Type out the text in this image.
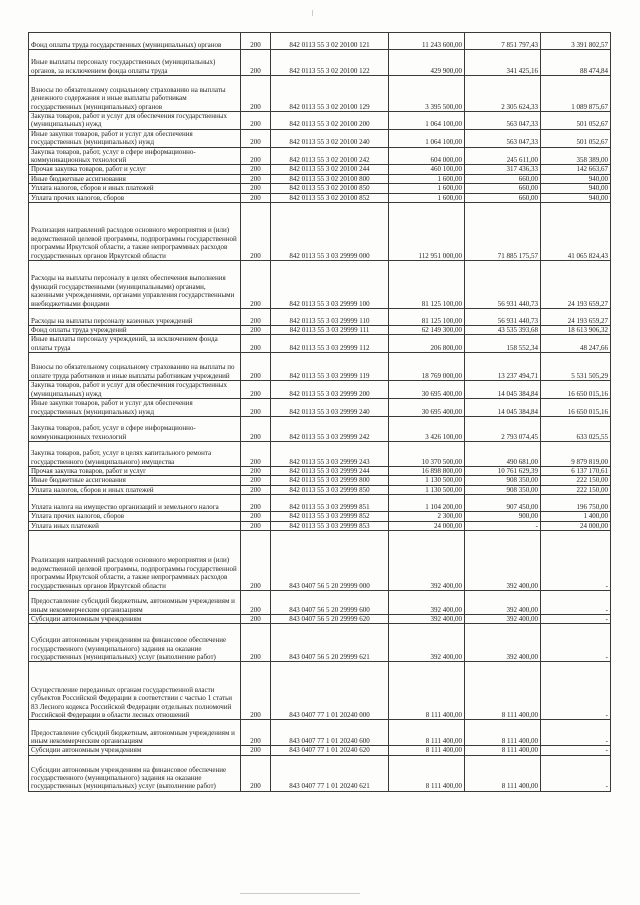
Фонд оплаты труда государственных (муниципальных) органов	200	842 0113 55 3 02 20100 121	11 243 600,00	7 851 797,43	3 391 802,57
Иные выплаты персоналу государственных (муниципальных) органов, за исключением фонда оплаты труда	200	842 0113 55 3 02 20100 122	429 900,00	341 425,16	88 474,84
Взносы по обязательному социальному страхованию на выплаты денежного содержания и иные выплаты работникам государственных (муниципальных) органов	200	842 0113 55 3 02 20100 129	3 395 500,00	2 305 624,33	1 089 875,67
Закупка товаров, работ и услуг для обеспечения государственных (муниципальных) нужд	200	842 0113 55 3 02 20100 200	1 064 100,00	563 047,33	501 052,67
Иные закупки товаров, работ и услуг для обеспечения государственных (муниципальных) нужд	200	842 0113 55 3 02 20100 240	1 064 100,00	563 047,33	501 052,67
Закупка товаров, работ, услуг в сфере информационно-коммуникационных технологий	200	842 0113 55 3 02 20100 242	604 000,00	245 611,00	358 389,00
Прочая закупка товаров, работ и услуг	200	842 0113 55 3 02 20100 244	460 100,00	317 436,33	142 663,67
Иные бюджетные ассигнования	200	842 0113 55 3 02 20100 800	1 600,00	660,00	940,00
Уплата налогов, сборов и иных платежей	200	842 0113 55 3 02 20100 850	1 600,00	660,00	940,00
Уплата прочих налогов, сборов	200	842 0113 55 3 02 20100 852	1 600,00	660,00	940,00
Реализация направлений расходов основного мероприятия и (или) ведомственной целевой программы, подпрограммы государственной программы Иркутской области, а также непрограммных расходов государственных органов Иркутской области	200	842 0113 55 3 03 29999 000	112 951 000,00	71 885 175,57	41 065 824,43
Расходы на выплаты персоналу в целях обеспечения выполнения функций государственными (муниципальными) органами, казенными учреждениями, органами управления государственными внебюджетными фондами	200	842 0113 55 3 03 29999 100	81 125 100,00	56 931 440,73	24 193 659,27
Расходы на выплаты персоналу казенных учреждений	200	842 0113 55 3 03 29999 110	81 125 100,00	56 931 440,73	24 193 659,27
Фонд оплаты труда учреждений	200	842 0113 55 3 03 29999 111	62 149 300,00	43 535 393,68	18 613 906,32
Иные выплаты персоналу учреждений, за исключением фонда оплаты труда	200	842 0113 55 3 03 29999 112	206 800,00	158 552,34	48 247,66
Взносы по обязательному социальному страхованию на выплаты по оплате труда работников и иные выплаты работникам учреждений	200	842 0113 55 3 03 29999 119	18 769 000,00	13 237 494,71	5 531 505,29
Закупка товаров, работ и услуг для обеспечения государственных (муниципальных) нужд	200	842 0113 55 3 03 29999 200	30 695 400,00	14 045 384,84	16 650 015,16
Иные закупки товаров, работ и услуг для обеспечения государственных (муниципальных) нужд	200	842 0113 55 3 03 29999 240	30 695 400,00	14 045 384,84	16 650 015,16
Закупка товаров, работ, услуг в сфере информационно-коммуникационных технологий	200	842 0113 55 3 03 29999 242	3 426 100,00	2 793 074,45	633 025,55
Закупка товаров, работ, услуг в целях капитального ремонта государственного (муниципального) имущества	200	842 0113 55 3 03 29999 243	10 370 500,00	490 681,00	9 879 819,00
Прочая закупка товаров, работ и услуг	200	842 0113 55 3 03 29999 244	16 898 800,00	10 761 629,39	6 137 170,61
Иные бюджетные ассигнования	200	842 0113 55 3 03 29999 800	1 130 500,00	908 350,00	222 150,00
Уплата налогов, сборов и иных платежей	200	842 0113 55 3 03 29999 850	1 130 500,00	908 350,00	222 150,00
Уплата налога на имущество организаций и земельного налога	200	842 0113 55 3 03 29999 851	1 104 200,00	907 450,00	196 750,00
Уплата прочих налогов, сборов	200	842 0113 55 3 03 29999 852	2 300,00	900,00	1 400,00
Уплата иных платежей	200	842 0113 55 3 03 29999 853	24 000,00	-	24 000,00
Реализация направлений расходов основного мероприятия и (или) ведомственной целевой программы, подпрограммы государственной программы Иркутской области, а также непрограммных расходов государственных органов Иркутской области	200	843 0407 56 5 20 29999 000	392 400,00	392 400,00	-
Предоставление субсидий бюджетным, автономным учреждениям и иным некоммерческим организациям	200	843 0407 56 5 20 29999 600	392 400,00	392 400,00	-
Субсидии автономным учреждениям	200	843 0407 56 5 20 29999 620	392 400,00	392 400,00	-
Субсидии автономным учреждениям на финансовое обеспечение государственного (муниципального) задания на оказание государственных (муниципальных) услуг (выполнение работ)	200	843 0407 56 5 20 29999 621	392 400,00	392 400,00	-
Осуществление переданных органам государственной власти субъектов Российской Федерации в соответствии с частью 1 статьи 83 Лесного кодекса Российской Федерации отдельных полномочий Российской Федерации в области лесных отношений	200	843 0407 77 1 01 20240 000	8 111 400,00	8 111 400,00	-
Предоставление субсидий бюджетным, автономным учреждениям и иным некоммерческим организациям	200	843 0407 77 1 01 20240 600	8 111 400,00	8 111 400,00	-
Субсидии автономным учреждениям	200	843 0407 77 1 01 20240 620	8 111 400,00	8 111 400,00	-
Субсидии автономным учреждениям на финансовое обеспечение государственного (муниципального) задания на оказание государственных (муниципальных) услуг (выполнение работ)	200	843 0407 77 1 01 20240 621	8 111 400,00	8 111 400,00	-
